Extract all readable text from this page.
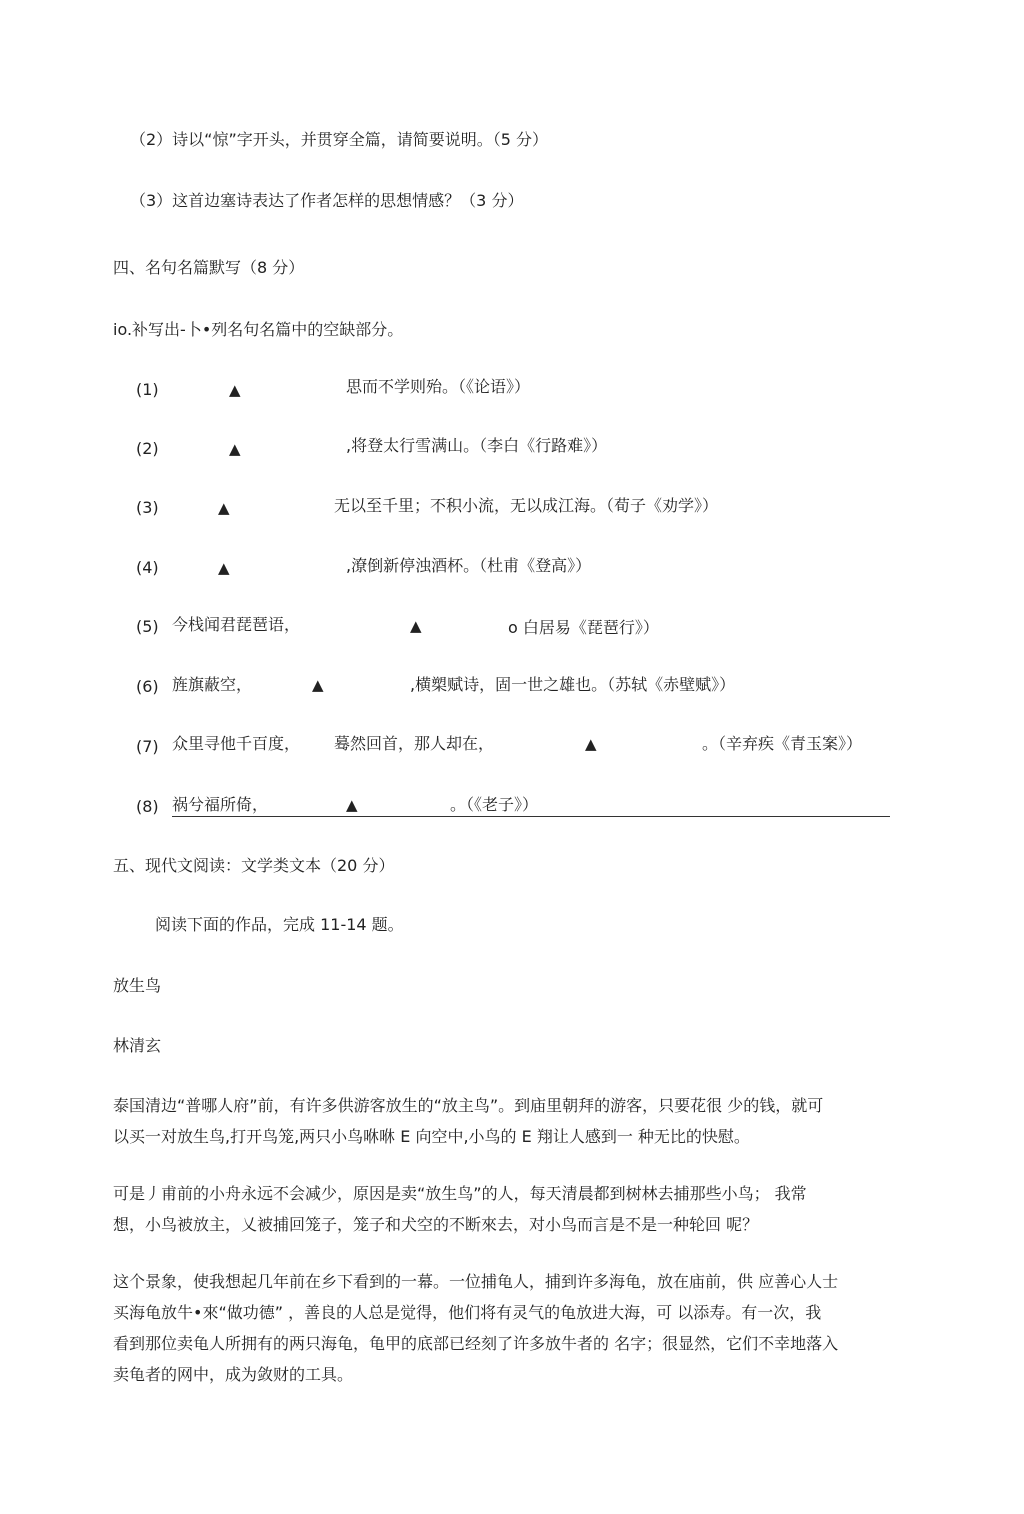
（2）诗以“惊”字开头，并贯穿全篇，请简要说明。（5 分）
（3）这首边塞诗表达了作者怎样的思想情感？（3 分）
四、名句名篇默写（8 分）
io.补写出-卜•列名句名篇中的空缺部分。
(1)	▲	思而不学则殆。（《论语》）
(2)	▲	,将登太行雪满山。（李白《行路难》）
(3)	▲	无以至千里；不积小流，无以成江海。（荀子《劝学》）
(4)	▲	,潦倒新停浊酒杯。（杜甫《登高》）
(5) 今栈闻君琵琶语，	▲	o 白居易《琵琶行》）
(6) 旌旗蔽空，	▲	,横槊赋诗，固一世之雄也。（苏轼《赤壁赋》）
(7) 众里寻他千百度， 蓦然回首，那人却在，	▲	。（辛弃疾《青玉案》）
(8) 祸兮福所倚，	▲	。（《老子》）
五、现代文阅读：文学类文本（20 分）
阅读下面的作品，完成 11-14 题。
放生鸟
林清玄
泰国清边“普哪人府”前，有许多供游客放生的“放主鸟”。到庙里朝拜的游客，只要花很 少的钱，就可
以买一对放生鸟,打开鸟笼,两只小鸟咻咻 E 向空中,小鸟的 E 翔让人感到一 种无比的快慰。
可是丿甫前的小舟永远不会减少，原因是卖“放生鸟”的人，每天清晨都到树林去捕那些小鸟； 我常
想，小鸟被放主，乂被捕回笼子，笼子和犬空的不断來去，对小鸟而言是不是一种轮回 呢？
这个景象，使我想起几年前在乡下看到的一幕。一位捕龟人，捕到许多海龟，放在庙前，供 应善心人士
买海龟放牛•來“做功德” ，善良的人总是觉得，他们将有灵气的龟放进大海，可 以添寿。有一次，我
看到那位卖龟人所拥有的两只海龟，龟甲的底部已经刻了许多放牛者的 名字；很显然，它们不幸地落入
卖龟者的网中，成为敛财的工具。
